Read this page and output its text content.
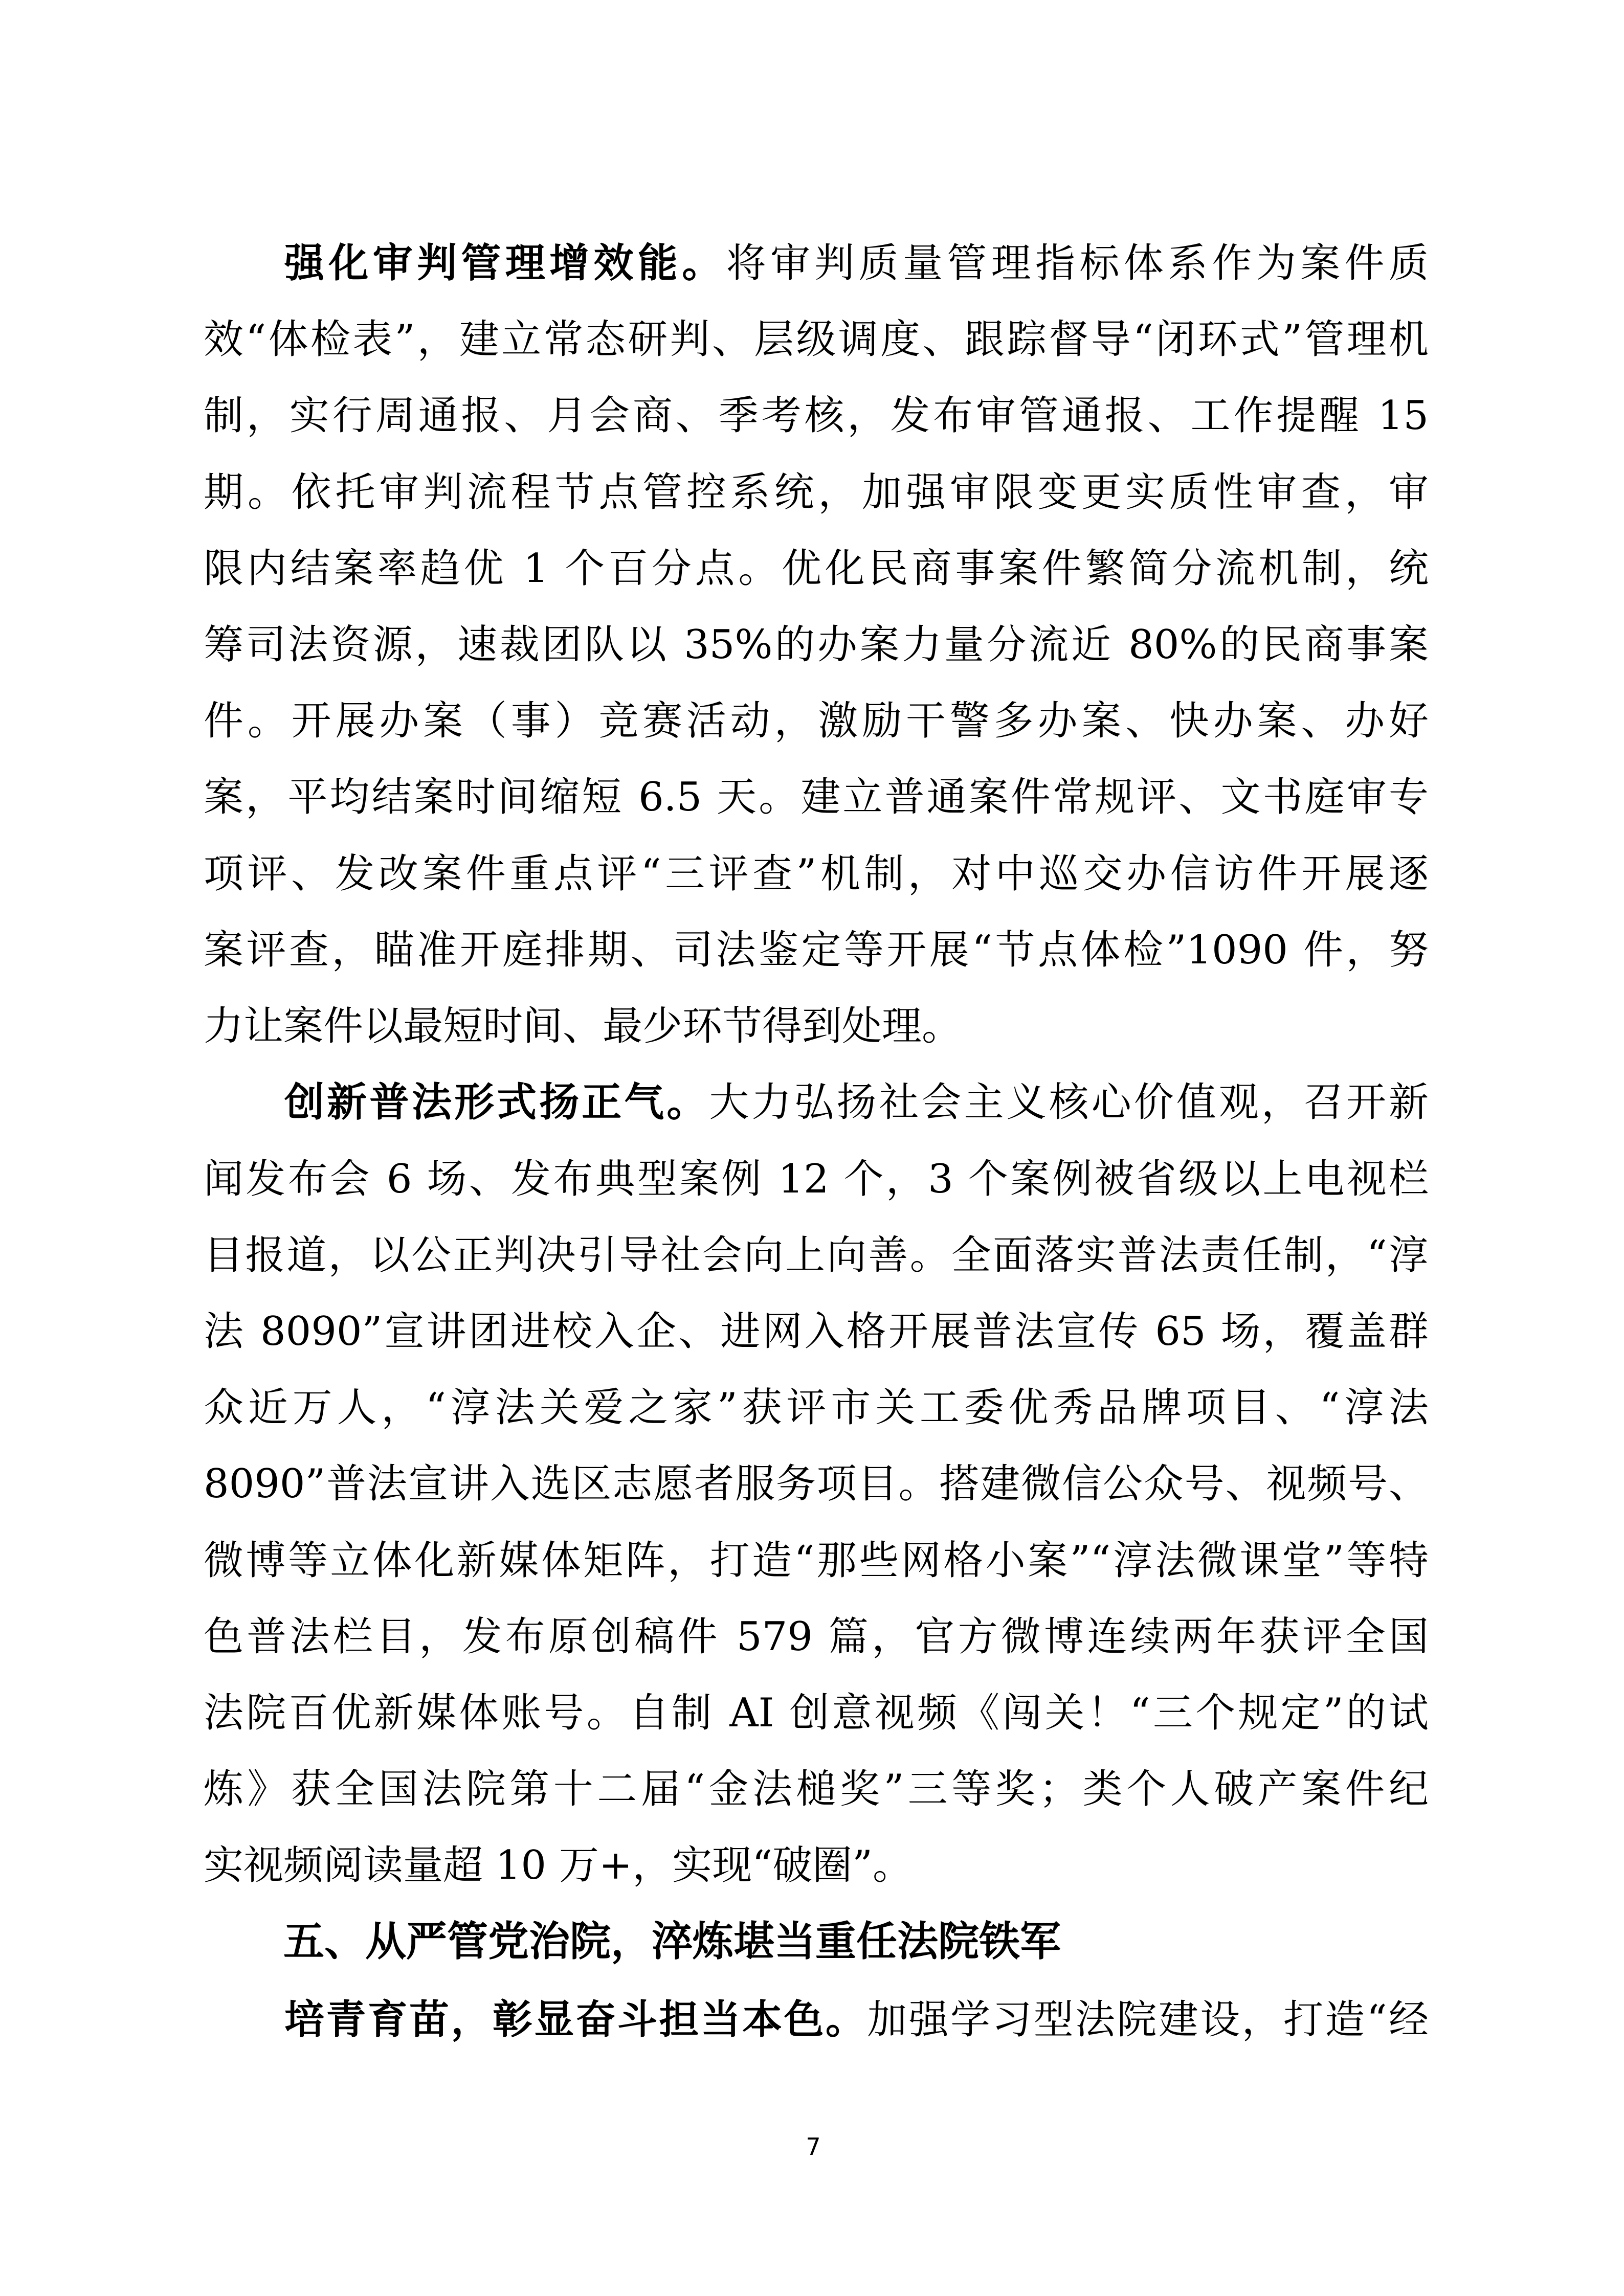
强化审判管理增效能。将审判质量管理指标体系作为案件质
效“体检表”，建立常态研判、层级调度、跟踪督导“闭环式”管理机
制，实行周通报、月会商、季考核，发布审管通报、工作提醒 15
期。依托审判流程节点管控系统，加强审限变更实质性审查，审
限内结案率趋优 1 个百分点。优化民商事案件繁简分流机制，统
筹司法资源，速裁团队以 35%的办案力量分流近 80%的民商事案
件。开展办案（事）竞赛活动，激励干警多办案、快办案、办好
案，平均结案时间缩短 6.5 天。建立普通案件常规评、文书庭审专
项评、发改案件重点评“三评查”机制，对中巡交办信访件开展逐
案评查，瞄准开庭排期、司法鉴定等开展“节点体检”1090 件，努
力让案件以最短时间、最少环节得到处理。
创新普法形式扬正气。大力弘扬社会主义核心价值观，召开新
闻发布会 6 场、发布典型案例 12 个，3 个案例被省级以上电视栏
目报道，以公正判决引导社会向上向善。全面落实普法责任制，“淳
法 8090”宣讲团进校入企、进网入格开展普法宣传 65 场，覆盖群
众近万人，“淳法关爱之家”获评市关工委优秀品牌项目、“淳法
8090”普法宣讲入选区志愿者服务项目。搭建微信公众号、视频号、
微博等立体化新媒体矩阵，打造“那些网格小案”“淳法微课堂”等特
色普法栏目，发布原创稿件 579 篇，官方微博连续两年获评全国
法院百优新媒体账号。自制 AI 创意视频《闯关！“三个规定”的试
炼》获全国法院第十二届“金法槌奖”三等奖；类个人破产案件纪
实视频阅读量超 10 万+，实现“破圈”。
五、从严管党治院，淬炼堪当重任法院铁军
培青育苗，彰显奋斗担当本色。加强学习型法院建设，打造“经
7
